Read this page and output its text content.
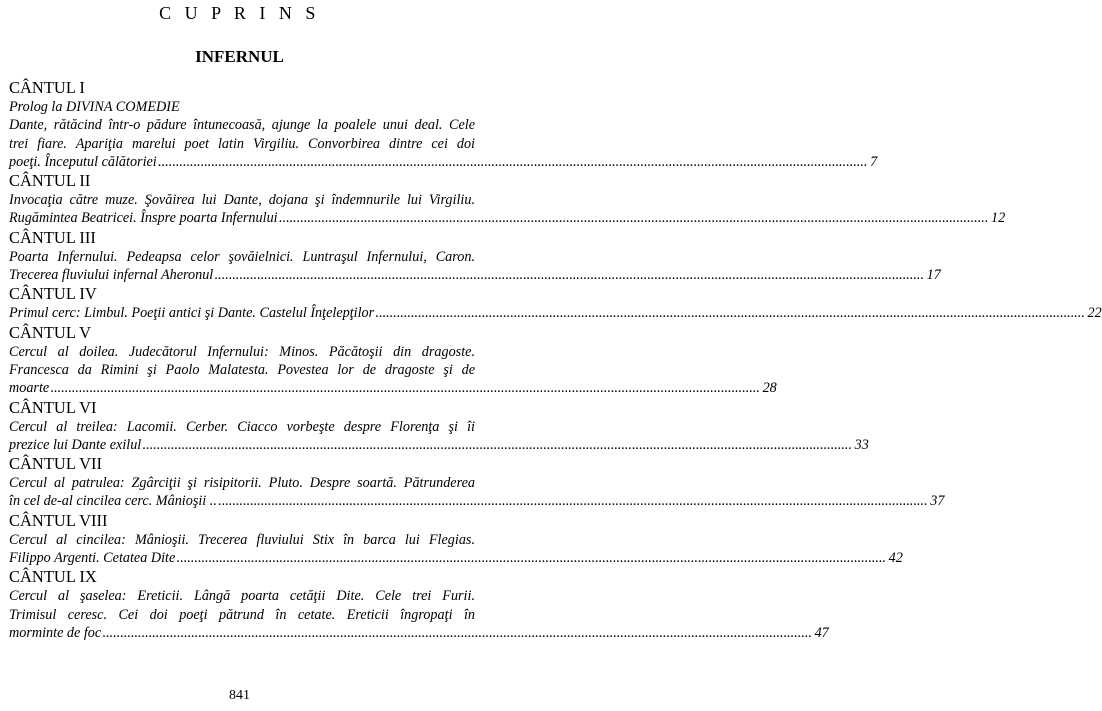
C U P R I N S
INFERNUL
CÂNTUL I
Prolog la DIVINA COMEDIE
Dante, rătăcind într-o pădure întunecoasă, ajunge la poalele unui deal. Cele
trei fiare. Apariţia marelui poet latin Virgiliu. Convorbirea dintre cei doi
poeţi. Începutul călătoriei ........................................................................................................................................................................................................ 7
CÂNTUL II
Invocaţia către muze. Şovăirea lui Dante, dojana şi îndemnurile lui Virgiliu.
Rugămintea Beatricei. Înspre poarta Infernului ........................................................................................................................................................................................................ 12
CÂNTUL III
Poarta Infernului. Pedeapsa celor şovăielnici. Luntraşul Infernului, Caron.
Trecerea fluviului infernal Aheronul ........................................................................................................................................................................................................ 17
CÂNTUL IV
Primul cerc: Limbul. Poeţii antici şi Dante. Castelul Înţelepţilor ........................................................................................................................................................................................................ 22
CÂNTUL V
Cercul al doilea. Judecătorul Infernului: Minos. Păcătoşii din dragoste.
Francesca da Rimini şi Paolo Malatesta. Povestea lor de dragoste şi de
moarte ........................................................................................................................................................................................................ 28
CÂNTUL VI
Cercul al treilea: Lacomii. Cerber. Ciacco vorbeşte despre Florenţa şi îi
prezice lui Dante exilul ........................................................................................................................................................................................................ 33
CÂNTUL VII
Cercul al patrulea: Zgârciţii şi risipitorii. Pluto. Despre soartă. Pătrunderea
în cel de-al cincilea cerc. Mânioşii .. ........................................................................................................................................................................................................ 37
CÂNTUL VIII
Cercul al cincilea: Mânioşii. Trecerea fluviului Stix în barca lui Flegias.
Filippo Argenti. Cetatea Dite ........................................................................................................................................................................................................ 42
CÂNTUL IX
Cercul al şaselea: Ereticii. Lângă poarta cetăţii Dite. Cele trei Furii.
Trimisul ceresc. Cei doi poeţi pătrund în cetate. Ereticii îngropaţi în
morminte de foc ........................................................................................................................................................................................................ 47
841
